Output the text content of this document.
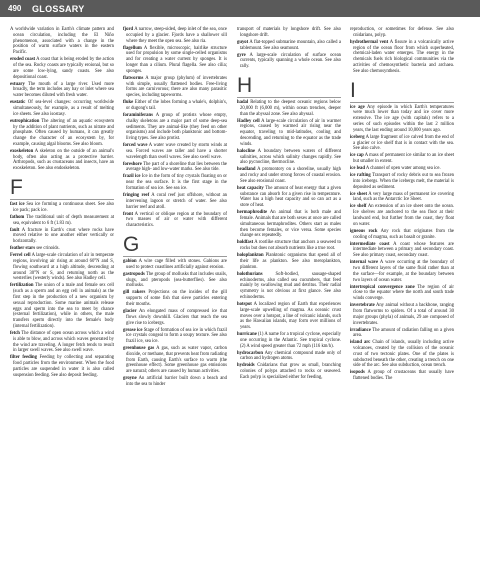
490	GLOSSARY

A worldwide variation in Earth's climate pattern and ocean circulation, including the El Niño phenomenon, associated with a change in the position of warm surface waters in the eastern Pacific.

eroded coast A coast that is being eroded by the action of the sea. Rocky coasts are typically eroional, but so are some low-lying, sandy coasts. See also depositional coast.

estuary The mouth of a large river. Used more broadly, the term includes any bay or inlet where sea water becomes diluted with fresh water.

eustatic Of sea-level changes: occurring worldwide simultaneously, for example, as a result of melting ice sheets. See also isostasy.

eutrophication The altering of an aquatic ecosystem by the addition of plant nutrients, such as nitrate and phosphate. Often caused by humans, it can greatly change the character of an ecosystem by, for example, causing algal blooms. See also bloom.

exoskeleton A skeleton on the outside of an animal's body, often also acting as a protective barrier. Arthropods, such as crustaceans and insects, have an exoskeleton. See also endoskeleton.

F

fast ice Sea ice forming a continuous sheet. See also ice pack; pack ice.

fathom The traditional unit of depth measurement at sea, equivalent to 6 ft (1.83 m).

fault A fracture in Earth's crust where rocks have moved relative to one another either vertically or horizontally.

feather stars see crinoids.

Ferrel cell A large-scale circulation of air in temperate regions, involving air rising at around 60°N and S, flowing southward at a high altitude, descending at around 30°N or S, and returning north as the westerlies (westerly winds). See also Hadley cell.

fertilization The union of a male and female sex cell (such as a sperm and an egg cell in animals) as the first step in the production of a new organism by sexual reproduction. Some marine animals release eggs and sperm into the sea to meet by chance (external fertilization), while in others, the male transfers sperm directly into the female's body (internal fertilization).

fetch The distance of open ocean across which a wind is able to blow, and across which waves generated by the wind are traveling. A longer fetch tends to result in larger swell waves. See also swell wave.

filter feeding Feeding by collecting and separating food particles from the environment. When the food particles are suspended in water it is also called suspension feeding. See also deposit feeding.

fjord A narrow, steep-sided, deep inlet of the sea, once occupied by a glacier. Fjords have a shallower sill where they meet the open sea. See also ria.

flagellum A flexible, microscopic, hairlike structure used for propulsion by some single-celled organisms and for creating a water current by sponges. It is longer than a cilium. Plural flagella. See also cilia; sponges.

flatworms A major group (phylum) of invertebrates with simple, usually flattened bodies. Free-living forms are carnivorous; there are also many parasitic species, including tapeworms.

fluke Either of the lobes forming a whale's, dolphin's, or dugong's tail.

foraminiferans A group of protists whose empty, chalky skeletons are a major part of some deep-sea sediments. They are animal-like (they feed on other organisms) and include both planktonic and bottom-living types. See also protist.

forced wave A water wave created by storm winds at sea. Forced waves are taller and have a shorter wavelength than swell waves. See also swell wave.

foreshore The part of a shoreline that lies between the average high- and low-water marks. See also tide.

frazil ice Ice in the form of tiny crystals floating on or near the sea surface. It is the first stage in the formation of sea ice. See sea ice.

fringing reef A coral reef just offshore, without an intervening lagoon or stretch of water. See also barrier reef and atoll.

front A vertical or oblique region at the boundary of two masses of air or water with different characteristics.

G

gabion A wire cage filled with stones. Gabions are used to protect coastlines artificially against erosion.

gastropods The group of mollusks that includes snails, slugs, and pteropods (sea-butterflies). See also mollusks.

gill rakers Projections on the insides of the gill supports of some fish that sieve particles entering their mouths.

glacier An elongated mass of compressed ice that flows slowly downhill. Glaciers that reach the sea give rise to icebergs.

grease ice Stage of formation of sea ice in which frazil ice crystals congeal to form a soupy texture. See also frazil ice, sea ice.

greenhouse gas A gas, such as water vapor, carbon dioxide, or methane, that prevents heat from radiating from Earth, causing Earth's surface to warm (the greenhouse effect). Some greenhouse gas emissions are natural; others are caused by human activities.

groyne An artificial barrier built down a beach and into the sea to hinder

transport of materials by longshore drift. See also longshore drift.

guyot A flat-topped submarine mountain, also called a tablemount. See also seamount.

gyre A large-scale circulation of surface ocean currents, typically spanning a whole ocean. See also rally.

H

hadal Relating to the deepest oceanic regions below 20,000 ft (6,000 m), within ocean trenches, deeper than the abyssal zone. See also abyssal.

Hadley cell A large-scale circulation of air in warmer regions, caused by warmed air rising near the equator, traveling to mid-latitudes, cooling and descending, and returning to the equator as the trade winds.

halocline A boundary between waters of different salinities, across which salinity changes rapidly. See also pycnocline, thermocline.

headland A promontory on a shoreline, usually high and rocky and under strong forces of coastal erosion. See also erosional coast.

heat capacity The amount of heat energy that a given substance can absorb for a given rise in temperature. Water has a high heat capacity and so can act as a store of heat.

hermaphrodite An animal that is both male and female. Animals that are both sexes at once are called simultaneous hermaphrodites. Others start as males then become females, or vice versa. Some species change sex repeatedly.

holdfast A rootlike structure that anchors a seaweed to rocks but does not absorb nutrients like a true root.

holoplankton Planktonic organisms that spend all of their life as plankton. See also meroplankton, plankton.

holothurians	Soft-bodied, sausage-shaped echinoderms, also called sea cucumbers, that feed mainly by swallowing mud and detritus. Their radial symmetry is not obvious at first glance. See also echinoderms.

hotspot A localized region of Earth that experiences large-scale upwelling of magma. As oceanic crust moves over a hotspot, a line of volcanic islands, such as the Hawaiian islands, may form over millions of years.

hurricane (1) A name for a tropical cyclone, especially one occurring in the Atlantic. See tropical cyclone. (2) A wind speed greater than 72 mph (116 km/h).

hydrocarbon Any chemical compound made only of carbon and hydrogen atoms.

hydroids Cnidarians that grow as small, branching colonies of polyps attached to rocks or seaweed. Each polyp is specialized either for feeding,

reproduction, or sometimes for defense. See also cnidarians, polyp.

hydrothermal vent A fissure in a volcanically active region of the ocean floor from which superheated, chemical-laden water emerges. The energy in the chemicals fuels rich biological communities via the activities of chemosynthetic bacteria and archaea. See also chemosynthesis.

I

ice age Any episode in which Earth's temperatures were much lower than today and ice cover more extensive. The ice age (with capitals) refers to a series of such episodes within the last 2 million years, the last ending around 10,000 years ago.

iceberg A large fragment of ice calved from the end of a glacier or ice shelf that is in contact with the sea. See also calve.

ice cap A mass of permanent ice similar to an ice sheet but smaller in extent.

ice lead A channel of open water among sea ice.

ice rafting Transport of rocky debris out to sea frozen into icebergs. When the icebergs melt, the material is deposited as sediment.

ice sheet A very large mass of permanent ice covering land, such as the Antarctic Ice Sheet.

ice shelf An extension of an ice sheet onto the ocean. Ice shelves are anchored to the sea floor at their landward end, but further from the coast, they float on water.

igneous rock Any rock that originates from the cooling of magma, such as basalt or granite.

intermediate coast A coast whose features are intermediate between a primary and secondary coast. See also primary coast, secondary coast.

internal wave A wave occurring at the boundary of two different layers of the same fluid rather than at the surface—for example, at the boundary between two layers of ocean water.

intertropical convergence zone The region of air close to the equator where the north and south trade winds converge.

invertebrate Any animal without a backbone, ranging from flatworms to spiders. Of a total of around 30 major groups (phyla) of animals, 29 are composed of invertebrates.

irradiance The amount of radiation falling on a given area.

island arc Chain of islands, usually including active volcanoes, created by the collision of the oceanic crust of two tectonic plates. One of the plates is subducted beneath the other, creating a trench on one side of the arc. See also subduction, ocean trench.

isopods A group of crustaceans that usually have flattened bodies. The
